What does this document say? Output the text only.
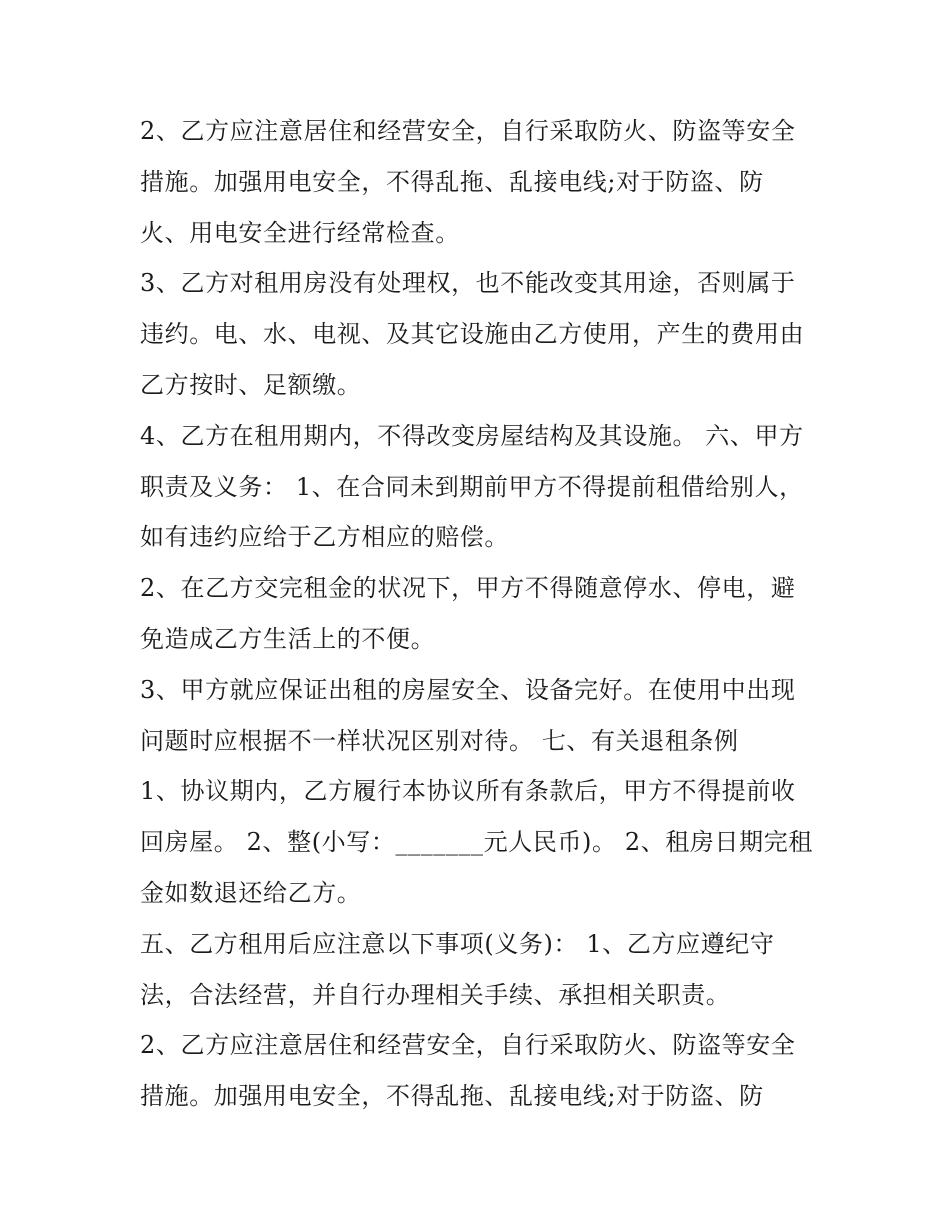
2、乙方应注意居住和经营安全，自行采取防火、防盗等安全
措施。加强用电安全，不得乱拖、乱接电线;对于防盗、防
火、用电安全进行经常检查。
3、乙方对租用房没有处理权，也不能改变其用途，否则属于
违约。电、水、电视、及其它设施由乙方使用，产生的费用由
乙方按时、足额缴。
4、乙方在租用期内，不得改变房屋结构及其设施。 六、甲方
职责及义务： 1、在合同未到期前甲方不得提前租借给别人，
如有违约应给于乙方相应的赔偿。
2、在乙方交完租金的状况下，甲方不得随意停水、停电，避
免造成乙方生活上的不便。
3、甲方就应保证出租的房屋安全、设备完好。在使用中出现
问题时应根据不一样状况区别对待。 七、有关退租条例
1、协议期内，乙方履行本协议所有条款后，甲方不得提前收
回房屋。 2、整(小写：_______元人民币)。 2、租房日期完租
金如数退还给乙方。
五、乙方租用后应注意以下事项(义务)： 1、乙方应遵纪守
法，合法经营，并自行办理相关手续、承担相关职责。
2、乙方应注意居住和经营安全，自行采取防火、防盗等安全
措施。加强用电安全，不得乱拖、乱接电线;对于防盗、防
